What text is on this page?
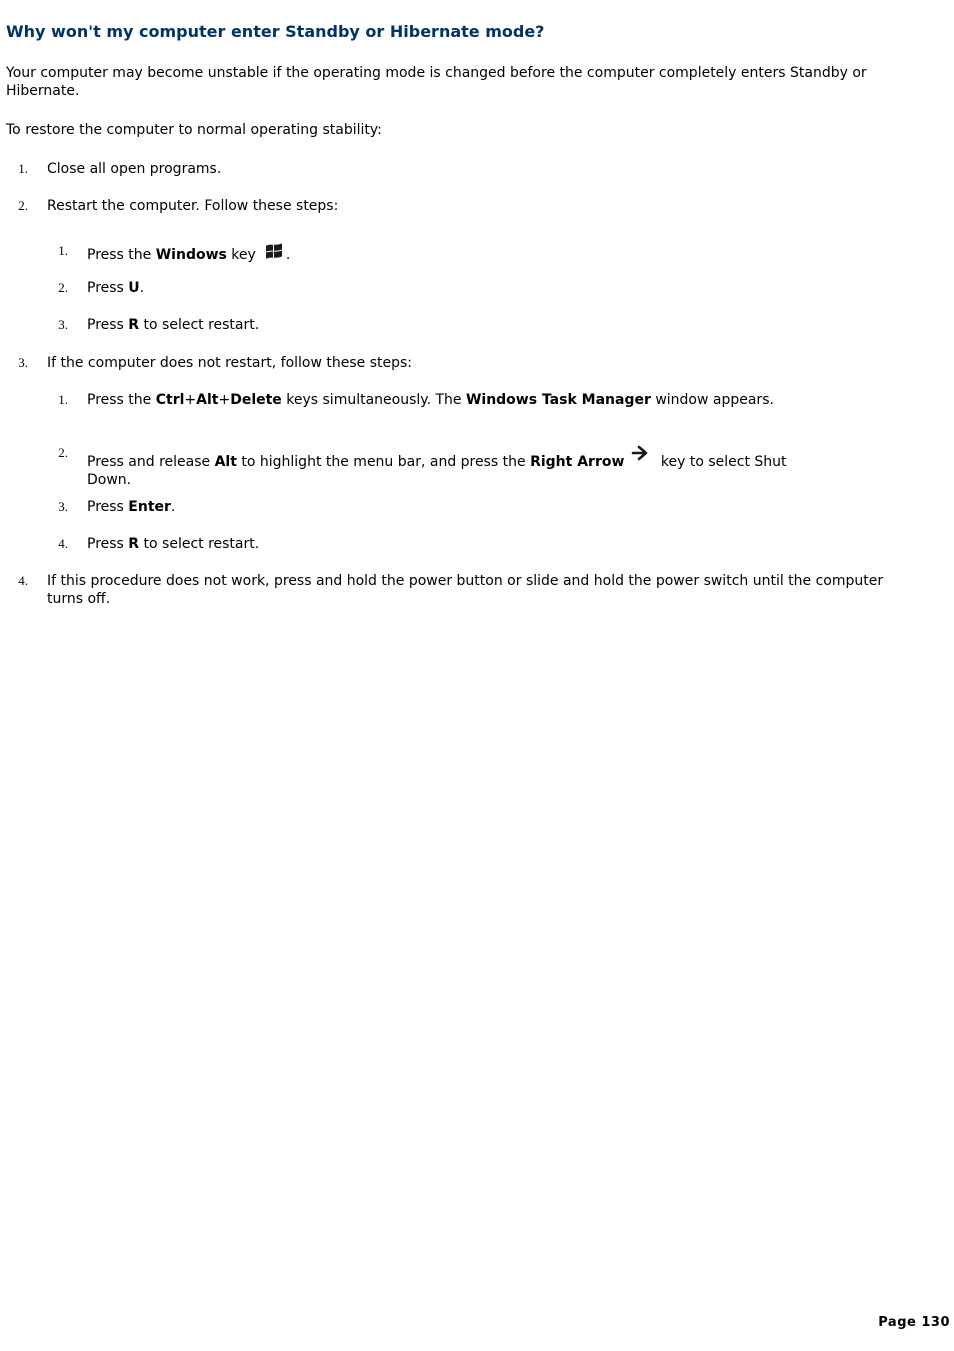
Why won't my computer enter Standby or Hibernate mode?

Your computer may become unstable if the operating mode is changed before the computer completely enters Standby or Hibernate.

To restore the computer to normal operating stability:

1. Close all open programs.
2. Restart the computer. Follow these steps:
1. Press the Windows key .
2. Press U.
3. Press R to select restart.
3. If the computer does not restart, follow these steps:
1. Press the Ctrl+Alt+Delete keys simultaneously. The Windows Task Manager window appears.
2.
Press and release Alt to highlight the menu bar, and press the Right Arrow key to select Shut
Down.
3. Press Enter.
4. Press R to select restart.
4. If this procedure does not work, press and hold the power button or slide and hold the power switch until the computer turns off.
Page 130
